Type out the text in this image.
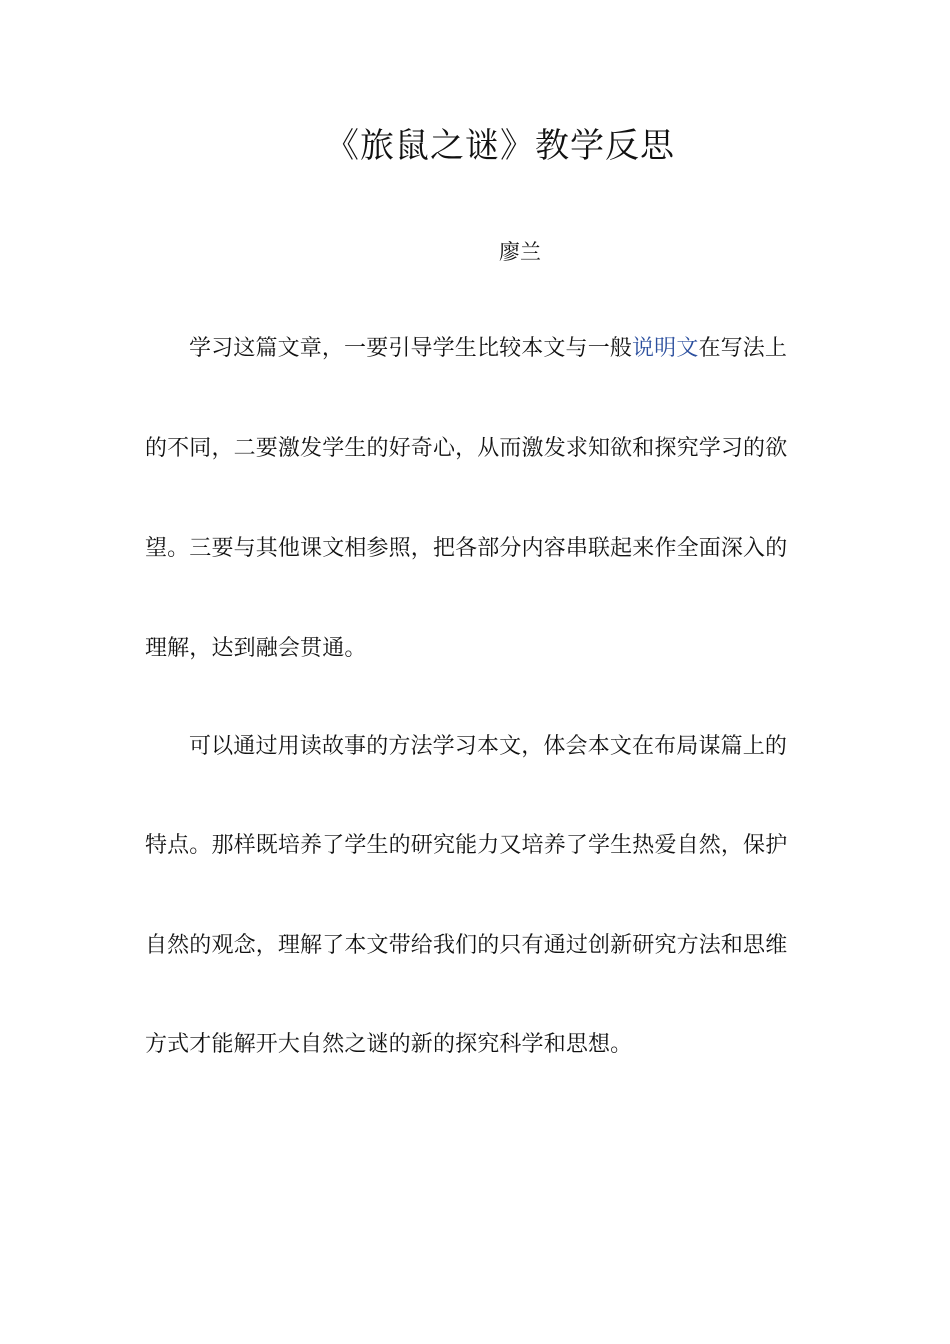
《旅鼠之谜》教学反思
廖兰
学习这篇文章，一要引导学生比较本文与一般说明文在写法上
的不同，二要激发学生的好奇心，从而激发求知欲和探究学习的欲
望。三要与其他课文相参照，把各部分内容串联起来作全面深入的
理解，达到融会贯通。
可以通过用读故事的方法学习本文，体会本文在布局谋篇上的
特点。那样既培养了学生的研究能力又培养了学生热爱自然，保护
自然的观念，理解了本文带给我们的只有通过创新研究方法和思维
方式才能解开大自然之谜的新的探究科学和思想。
